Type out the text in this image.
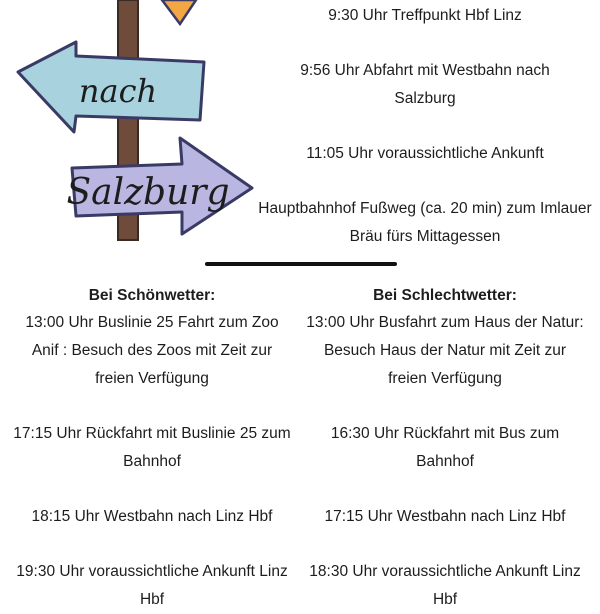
nach
Salzburg

9:30 Uhr Treffpunkt Hbf Linz

9:56 Uhr Abfahrt mit Westbahn nach Salzburg

11:05 Uhr voraussichtliche Ankunft

Hauptbahnhof Fußweg (ca. 20 min) zum Imlauer Bräu fürs Mittagessen

Bei Schönwetter:

13:00 Uhr Buslinie 25 Fahrt zum Zoo Anif : Besuch des Zoos mit Zeit zur freien Verfügung

17:15 Uhr Rückfahrt mit Buslinie 25 zum Bahnhof

18:15 Uhr Westbahn nach Linz Hbf

19:30 Uhr voraussichtliche Ankunft Linz Hbf

Bei Schlechtwetter:

13:00 Uhr Busfahrt zum Haus der Natur: Besuch Haus der Natur mit Zeit zur freien Verfügung

16:30 Uhr Rückfahrt mit Bus zum Bahnhof

17:15 Uhr Westbahn nach Linz Hbf

18:30 Uhr voraussichtliche Ankunft Linz Hbf
